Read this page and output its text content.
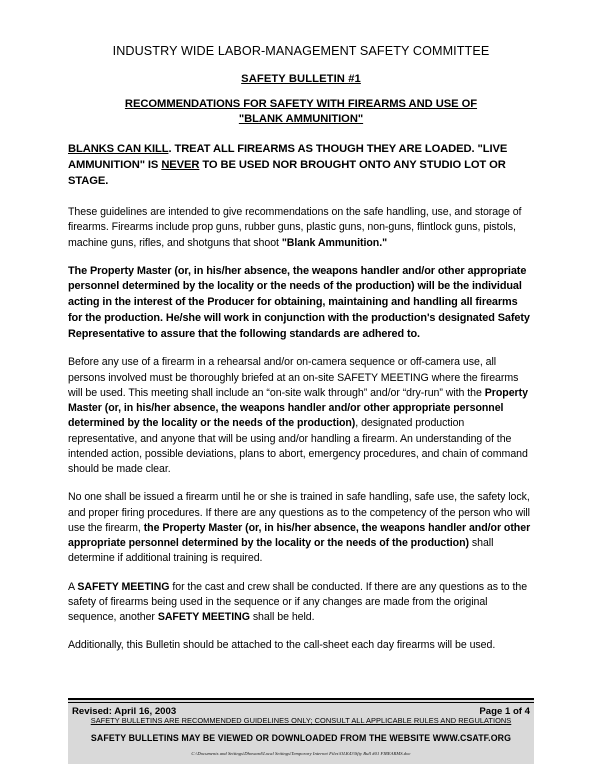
INDUSTRY WIDE LABOR-MANAGEMENT SAFETY COMMITTEE
SAFETY BULLETIN #1
RECOMMENDATIONS FOR SAFETY WITH FIREARMS AND USE OF
"BLANK AMMUNITION"
BLANKS CAN KILL. TREAT ALL FIREARMS AS THOUGH THEY ARE LOADED. "LIVE AMMUNITION" IS NEVER TO BE USED NOR BROUGHT ONTO ANY STUDIO LOT OR STAGE.

These guidelines are intended to give recommendations on the safe handling, use, and storage of firearms. Firearms include prop guns, rubber guns, plastic guns, non-guns, flintlock guns, pistols, machine guns, rifles, and shotguns that shoot "Blank Ammunition."

The Property Master (or, in his/her absence, the weapons handler and/or other appropriate personnel determined by the locality or the needs of the production) will be the individual acting in the interest of the Producer for obtaining, maintaining and handling all firearms for the production. He/she will work in conjunction with the production's designated Safety Representative to assure that the following standards are adhered to.

Before any use of a firearm in a rehearsal and/or on-camera sequence or off-camera use, all persons involved must be thoroughly briefed at an on-site SAFETY MEETING where the firearms will be used. This meeting shall include an “on-site walk through” and/or “dry-run” with the Property Master (or, in his/her absence, the weapons handler and/or other appropriate personnel determined by the locality or the needs of the production), designated production representative, and anyone that will be using and/or handling a firearm. An understanding of the intended action, possible deviations, plans to abort, emergency procedures, and chain of command should be made clear.

No one shall be issued a firearm until he or she is trained in safe handling, safe use, the safety lock, and proper firing procedures. If there are any questions as to the competency of the person who will use the firearm, the Property Master (or, in his/her absence, the weapons handler and/or other appropriate personnel determined by the locality or the needs of the production) shall determine if additional training is required.

A SAFETY MEETING for the cast and crew shall be conducted. If there are any questions as to the safety of firearms being used in the sequence or if any changes are made from the original sequence, another SAFETY MEETING shall be held.

Additionally, this Bulletin should be attached to the call-sheet each day firearms will be used.

Revised: April 16, 2003	Page 1 of 4
SAFETY BULLETINS ARE RECOMMENDED GUIDELINES ONLY; CONSULT ALL APPLICABLE RULES AND REGULATIONS
SAFETY BULLETINS MAY BE VIEWED OR DOWNLOADED FROM THE WEBSITE WWW.CSATF.ORG
C:\Documents and Settings\Dhoward\Local Settings\Temporary Internet Files\OLK43\Sfty Bull #01 FIREARMS.doc
